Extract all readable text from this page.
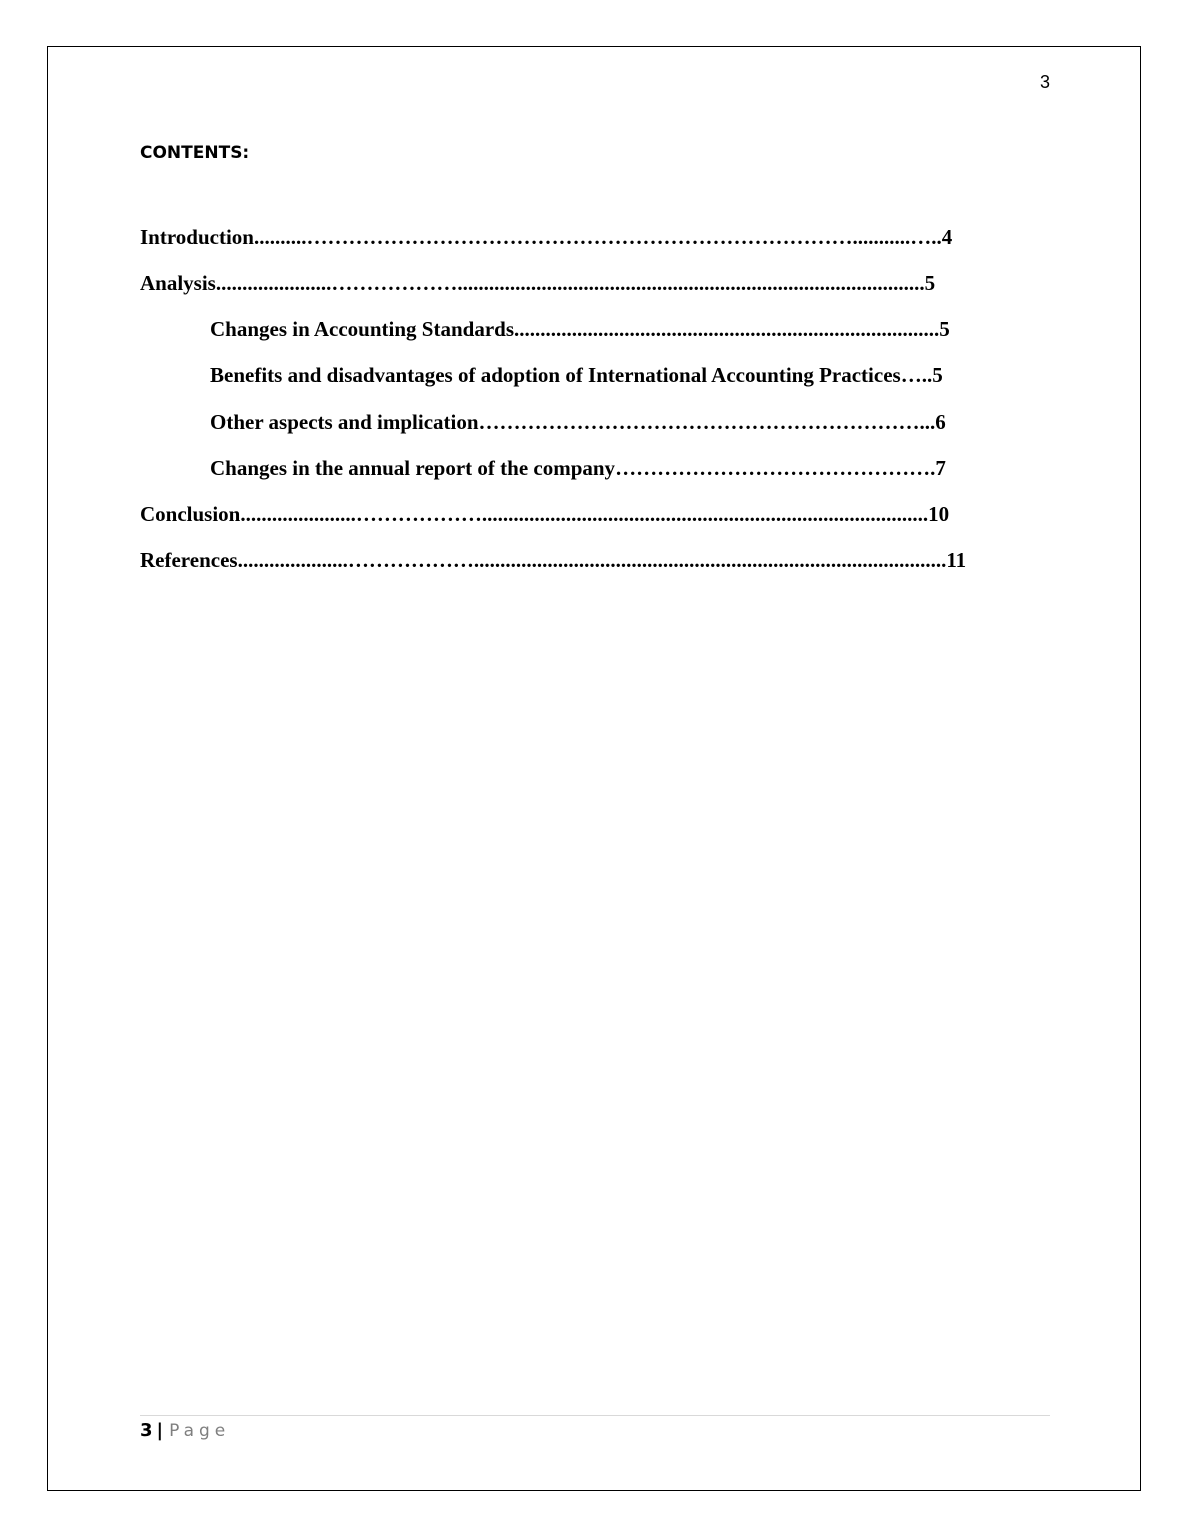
3
CONTENTS:
Introduction..........……………………………………………………………………...........…..4
Analysis......................……………….........................................................................................5
Changes in Accounting Standards.................................................................................5
Benefits and disadvantages of adoption of International Accounting Practices…..5
Other aspects and implication………………………………………………………...6
Changes in the annual report of the company……………………………………….7
Conclusion......................……………….....................................................................................10
References.....................………………..........................................................................................11
3 | Page
